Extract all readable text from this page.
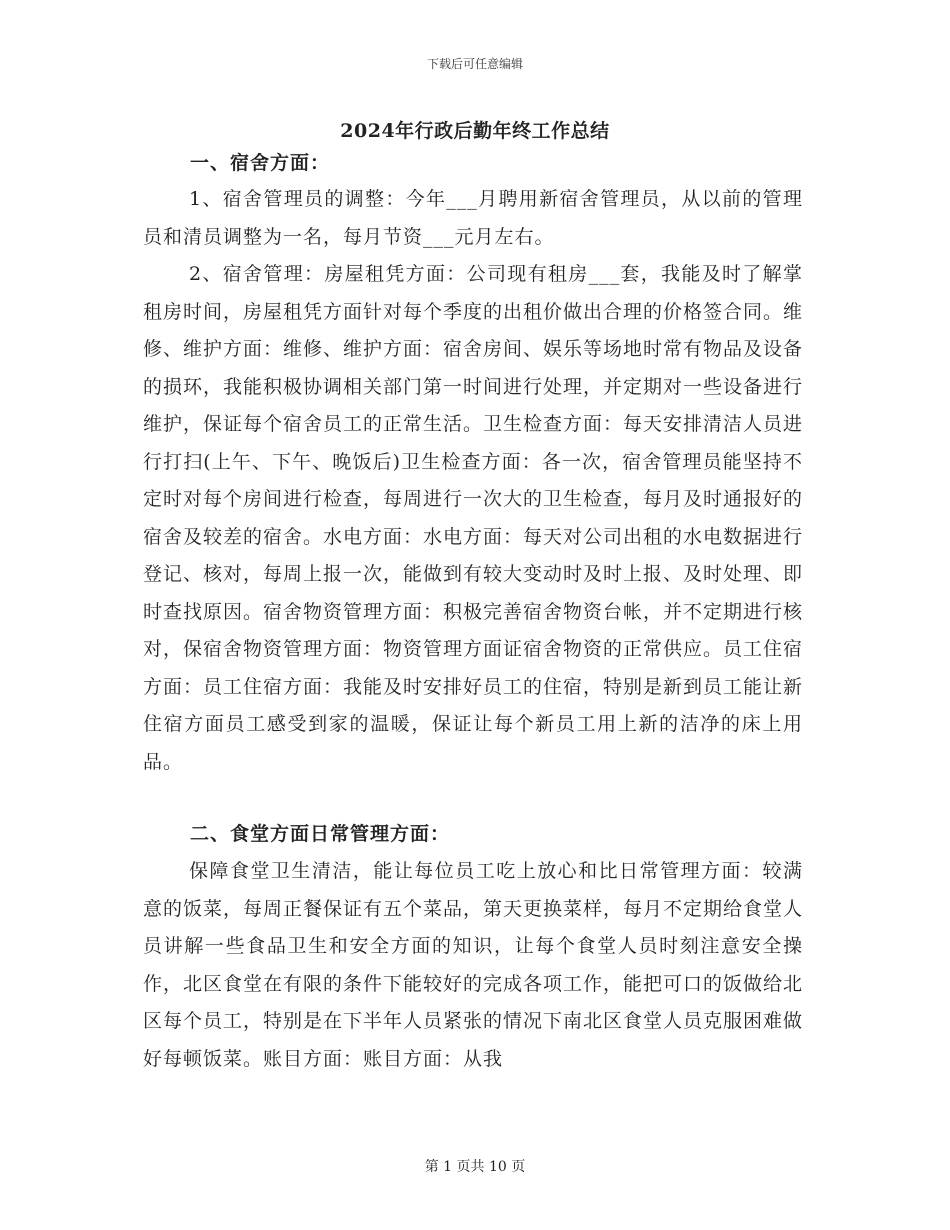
下载后可任意编辑
2024年行政后勤年终工作总结
一、宿舍方面：

1、宿舍管理员的调整：今年___月聘用新宿舍管理员，从以前的管理员和清员调整为一名，每月节资___元月左右。

2、宿舍管理：房屋租凭方面：公司现有租房___套，我能及时了解掌租房时间，房屋租凭方面针对每个季度的出租价做出合理的价格签合同。维修、维护方面：维修、维护方面：宿舍房间、娱乐等场地时常有物品及设备的损环，我能积极协调相关部门第一时间进行处理，并定期对一些设备进行维护，保证每个宿舍员工的正常生活。卫生检查方面：每天安排清洁人员进行打扫(上午、下午、晚饭后)卫生检查方面：各一次，宿舍管理员能坚持不定时对每个房间进行检查，每周进行一次大的卫生检查，每月及时通报好的宿舍及较差的宿舍。水电方面：水电方面：每天对公司出租的水电数据进行登记、核对，每周上报一次，能做到有较大变动时及时上报、及时处理、即时查找原因。宿舍物资管理方面：积极完善宿舍物资台帐，并不定期进行核对，保宿舍物资管理方面：物资管理方面证宿舍物资的正常供应。员工住宿方面：员工住宿方面：我能及时安排好员工的住宿，特别是新到员工能让新住宿方面员工感受到家的温暖，保证让每个新员工用上新的洁净的床上用品。

二、食堂方面日常管理方面：

保障食堂卫生清洁，能让每位员工吃上放心和比日常管理方面：较满意的饭菜，每周正餐保证有五个菜品，第天更换菜样，每月不定期给食堂人员讲解一些食品卫生和安全方面的知识，让每个食堂人员时刻注意安全操作，北区食堂在有限的条件下能较好的完成各项工作，能把可口的饭做给北区每个员工，特别是在下半年人员紧张的情况下南北区食堂人员克服困难做好每顿饭菜。账目方面：账目方面：从我

第 1 页共 10 页
